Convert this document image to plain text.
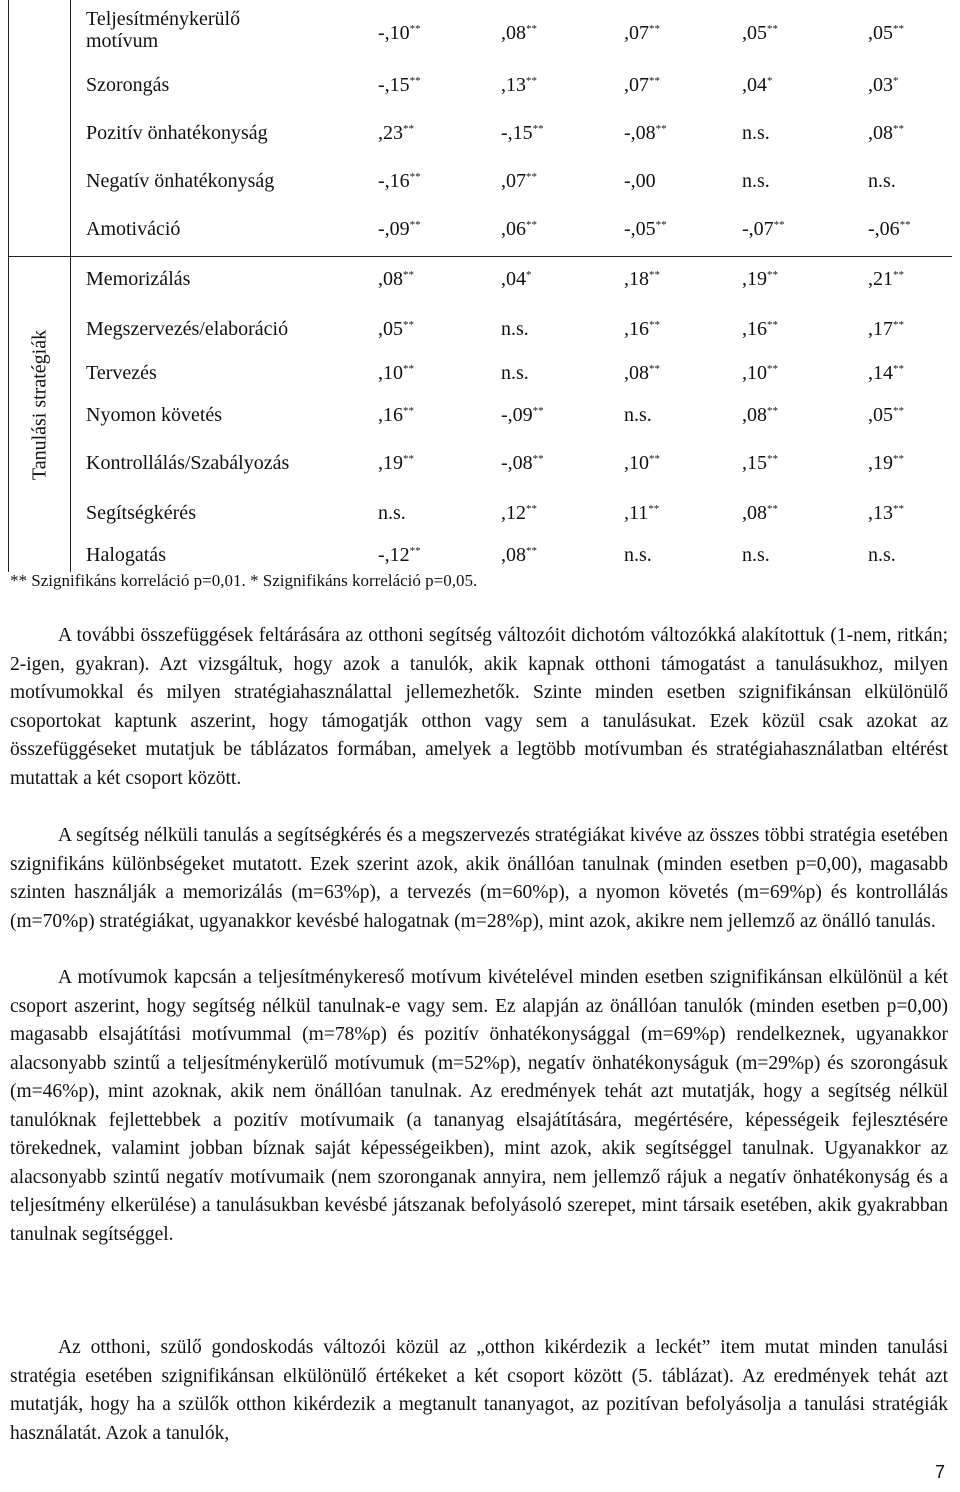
Tanulási stratégiák
Teljesítménykerülő
motívum	-,10**	,08**	,07**	,05**	,05**
Szorongás	-,15**	,13**	,07**	,04*	,03*
Pozitív önhatékonyság	,23**	-,15**	-,08**	n.s.	,08**
Negatív önhatékonyság	-,16**	,07**	-,00	n.s.	n.s.
Amotiváció	-,09**	,06**	-,05**	-,07**	-,06**
Memorizálás	,08**	,04*	,18**	,19**	,21**
Megszervezés/elaboráció	,05**	n.s.	,16**	,16**	,17**
Tervezés	,10**	n.s.	,08**	,10**	,14**
Nyomon követés	,16**	-,09**	n.s.	,08**	,05**
Kontrollálás/Szabályozás	,19**	-,08**	,10**	,15**	,19**
Segítségkérés	n.s.	,12**	,11**	,08**	,13**
Halogatás	-,12**	,08**	n.s.	n.s.	n.s.
** Szignifikáns korreláció p=0,01. * Szignifikáns korreláció p=0,05.

A további összefüggések feltárására az otthoni segítség változóit dichotóm változókká alakítottuk (1-nem, ritkán; 2-igen, gyakran). Azt vizsgáltuk, hogy azok a tanulók, akik kapnak otthoni támogatást a tanulásukhoz, milyen motívumokkal és milyen stratégiahasználattal jellemezhetők. Szinte minden esetben szignifikánsan elkülönülő csoportokat kaptunk aszerint, hogy támogatják otthon vagy sem a tanulásukat. Ezek közül csak azokat az összefüggéseket mutatjuk be táblázatos formában, amelyek a legtöbb motívumban és stratégiahasználatban eltérést mutattak a két csoport között.

A segítség nélküli tanulás a segítségkérés és a megszervezés stratégiákat kivéve az összes többi stratégia esetében szignifikáns különbségeket mutatott. Ezek szerint azok, akik önállóan tanulnak (minden esetben p=0,00), magasabb szinten használják a memorizálás (m=63%p), a tervezés (m=60%p), a nyomon követés (m=69%p) és kontrollálás (m=70%p) stratégiákat, ugyanakkor kevésbé halogatnak (m=28%p), mint azok, akikre nem jellemző az önálló tanulás.

A motívumok kapcsán a teljesítménykereső motívum kivételével minden esetben szignifikánsan elkülönül a két csoport aszerint, hogy segítség nélkül tanulnak-e vagy sem. Ez alapján az önállóan tanulók (minden esetben p=0,00) magasabb elsajátítási motívummal (m=78%p) és pozitív önhatékonysággal (m=69%p) rendelkeznek, ugyanakkor alacsonyabb szintű a teljesítménykerülő motívumuk (m=52%p), negatív önhatékonyságuk (m=29%p) és szorongásuk (m=46%p), mint azoknak, akik nem önállóan tanulnak. Az eredmények tehát azt mutatják, hogy a segítség nélkül tanulóknak fejlettebbek a pozitív motívumaik (a tananyag elsajátítására, megértésére, képességeik fejlesztésére törekednek, valamint jobban bíznak saját képességeikben), mint azok, akik segítséggel tanulnak. Ugyanakkor az alacsonyabb szintű negatív motívumaik (nem szoronganak annyira, nem jellemző rájuk a negatív önhatékonyság és a teljesítmény elkerülése) a tanulásukban kevésbé játszanak befolyásoló szerepet, mint társaik esetében, akik gyakrabban tanulnak segítséggel.

Az otthoni, szülő gondoskodás változói közül az „otthon kikérdezik a leckét” item mutat minden tanulási stratégia esetében szignifikánsan elkülönülő értékeket a két csoport között (5. táblázat). Az eredmények tehát azt mutatják, hogy ha a szülők otthon kikérdezik a megtanult tananyagot, az pozitívan befolyásolja a tanulási stratégiák használatát. Azok a tanulók,

7
